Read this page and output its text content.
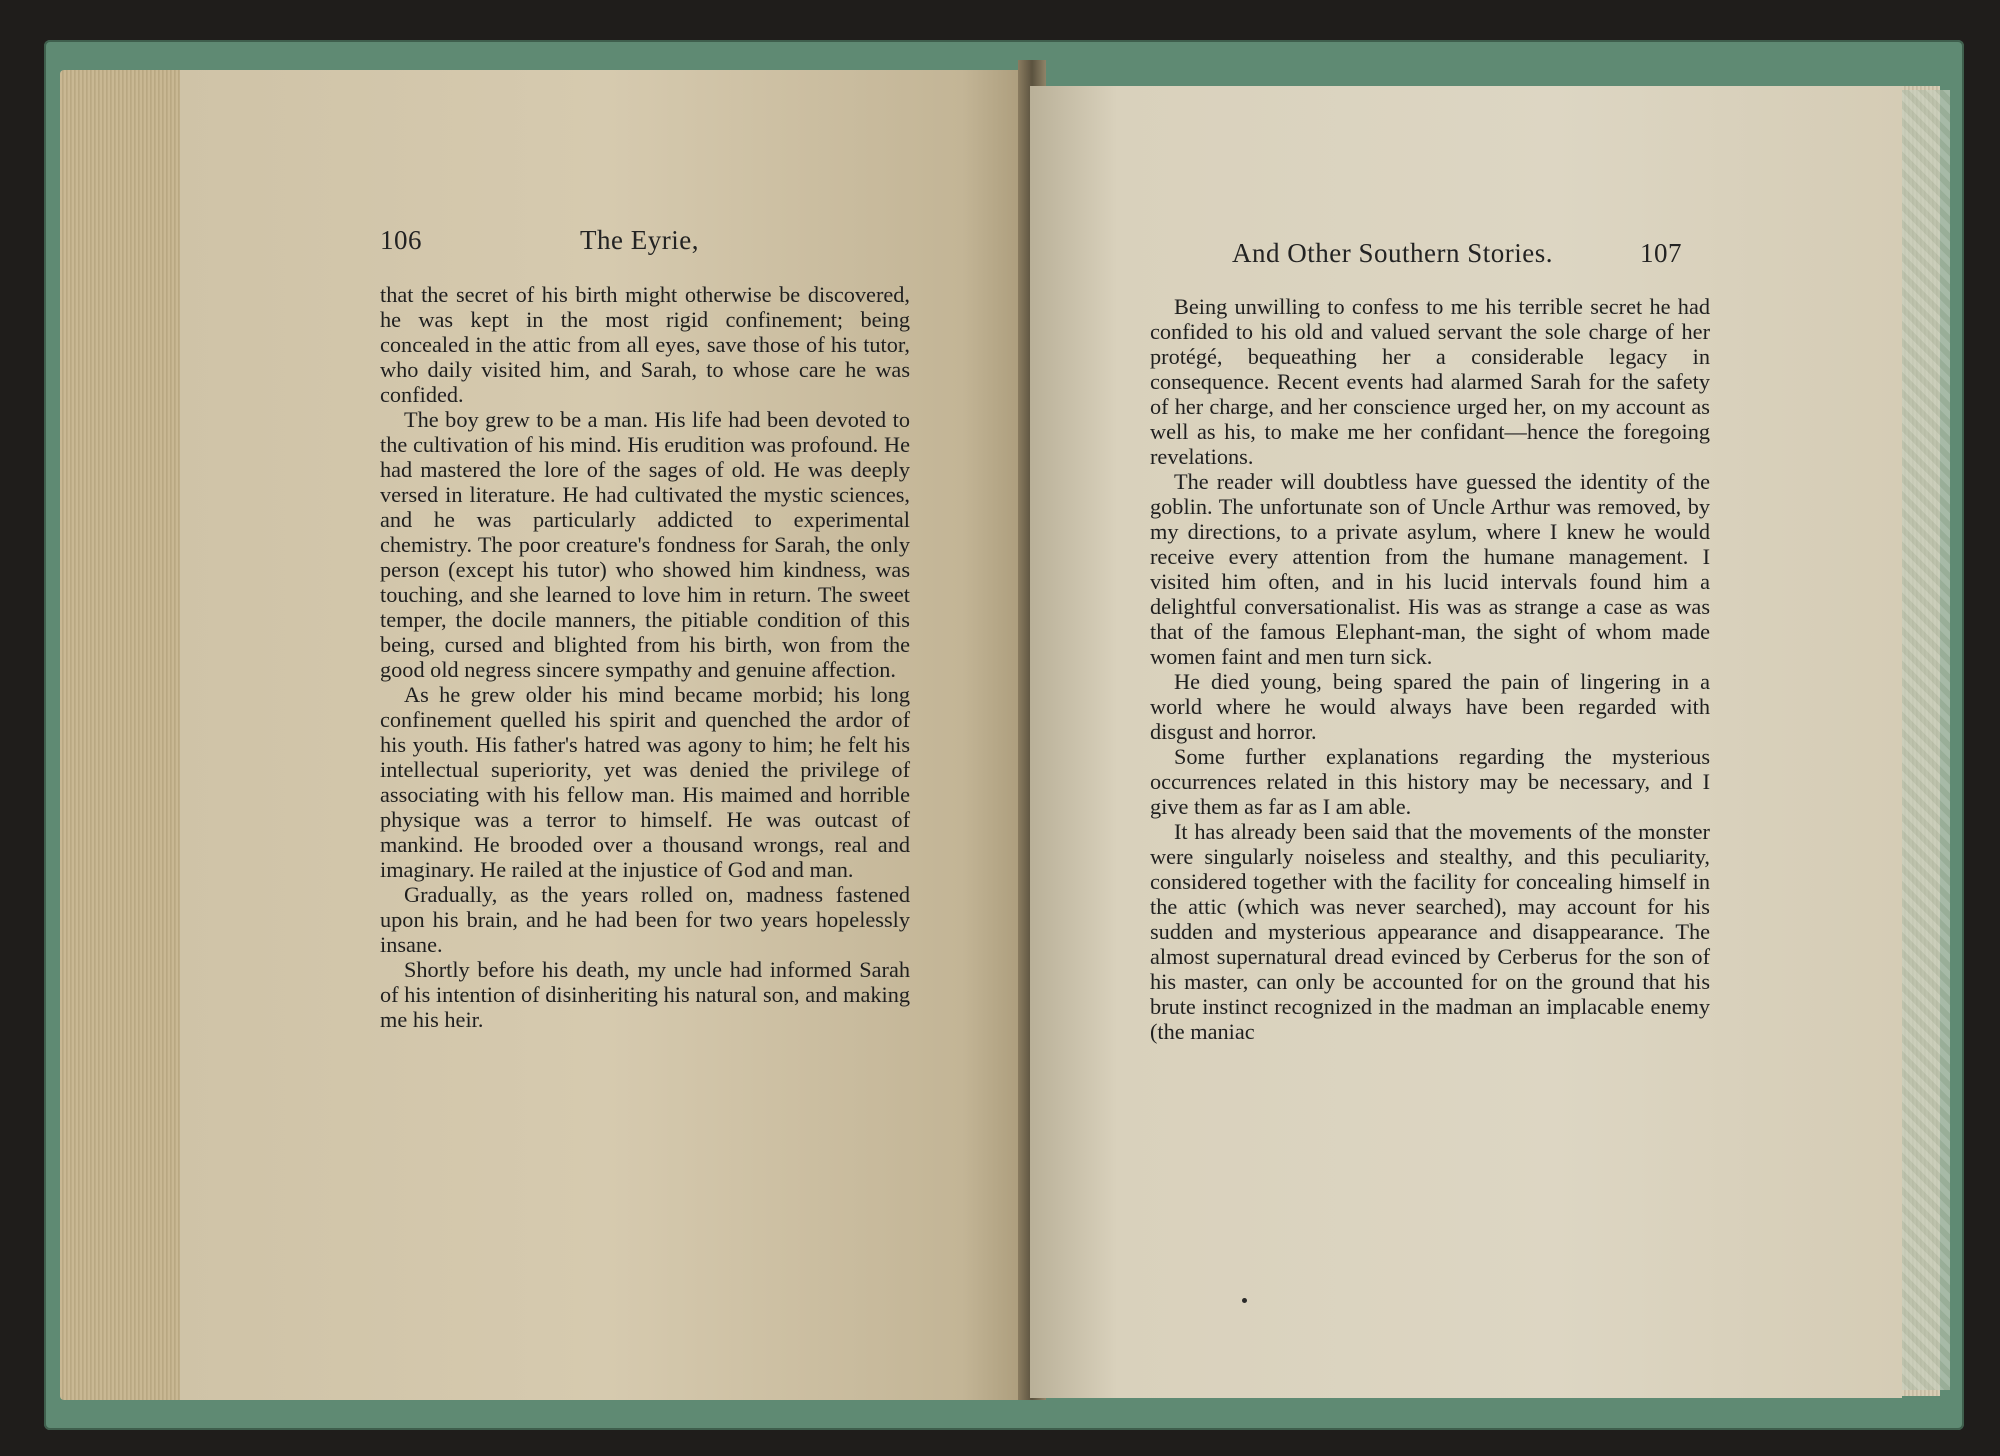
106	The Eyrie,

that the secret of his birth might otherwise be discovered, he was kept in the most rigid confinement; being concealed in the attic from all eyes, save those of his tutor, who daily visited him, and Sarah, to whose care he was confided.

The boy grew to be a man. His life had been devoted to the cultivation of his mind. His erudition was profound. He had mastered the lore of the sages of old. He was deeply versed in literature. He had cultivated the mystic sciences, and he was particularly addicted to experimental chemistry. The poor creature's fondness for Sarah, the only person (except his tutor) who showed him kindness, was touching, and she learned to love him in return. The sweet temper, the docile manners, the pitiable condition of this being, cursed and blighted from his birth, won from the good old negress sincere sympathy and genuine affection.

As he grew older his mind became morbid; his long confinement quelled his spirit and quenched the ardor of his youth. His father's hatred was agony to him; he felt his intellectual superiority, yet was denied the privilege of associating with his fellow man. His maimed and horrible physique was a terror to himself. He was outcast of mankind. He brooded over a thousand wrongs, real and imaginary. He railed at the injustice of God and man.

Gradually, as the years rolled on, madness fastened upon his brain, and he had been for two years hopelessly insane.

Shortly before his death, my uncle had informed Sarah of his intention of disinheriting his natural son, and making me his heir.

And Other Southern Stories.	107

Being unwilling to confess to me his terrible secret he had confided to his old and valued servant the sole charge of her protégé, bequeathing her a considerable legacy in consequence. Recent events had alarmed Sarah for the safety of her charge, and her conscience urged her, on my account as well as his, to make me her confidant—hence the foregoing revelations.

The reader will doubtless have guessed the identity of the goblin. The unfortunate son of Uncle Arthur was removed, by my directions, to a private asylum, where I knew he would receive every attention from the humane management. I visited him often, and in his lucid intervals found him a delightful conversationalist. His was as strange a case as was that of the famous Elephant-man, the sight of whom made women faint and men turn sick.

He died young, being spared the pain of lingering in a world where he would always have been regarded with disgust and horror.

Some further explanations regarding the mysterious occurrences related in this history may be necessary, and I give them as far as I am able.

It has already been said that the movements of the monster were singularly noiseless and stealthy, and this peculiarity, considered together with the facility for concealing himself in the attic (which was never searched), may account for his sudden and mysterious appearance and disappearance. The almost supernatural dread evinced by Cerberus for the son of his master, can only be accounted for on the ground that his brute instinct recognized in the madman an implacable enemy (the maniac
